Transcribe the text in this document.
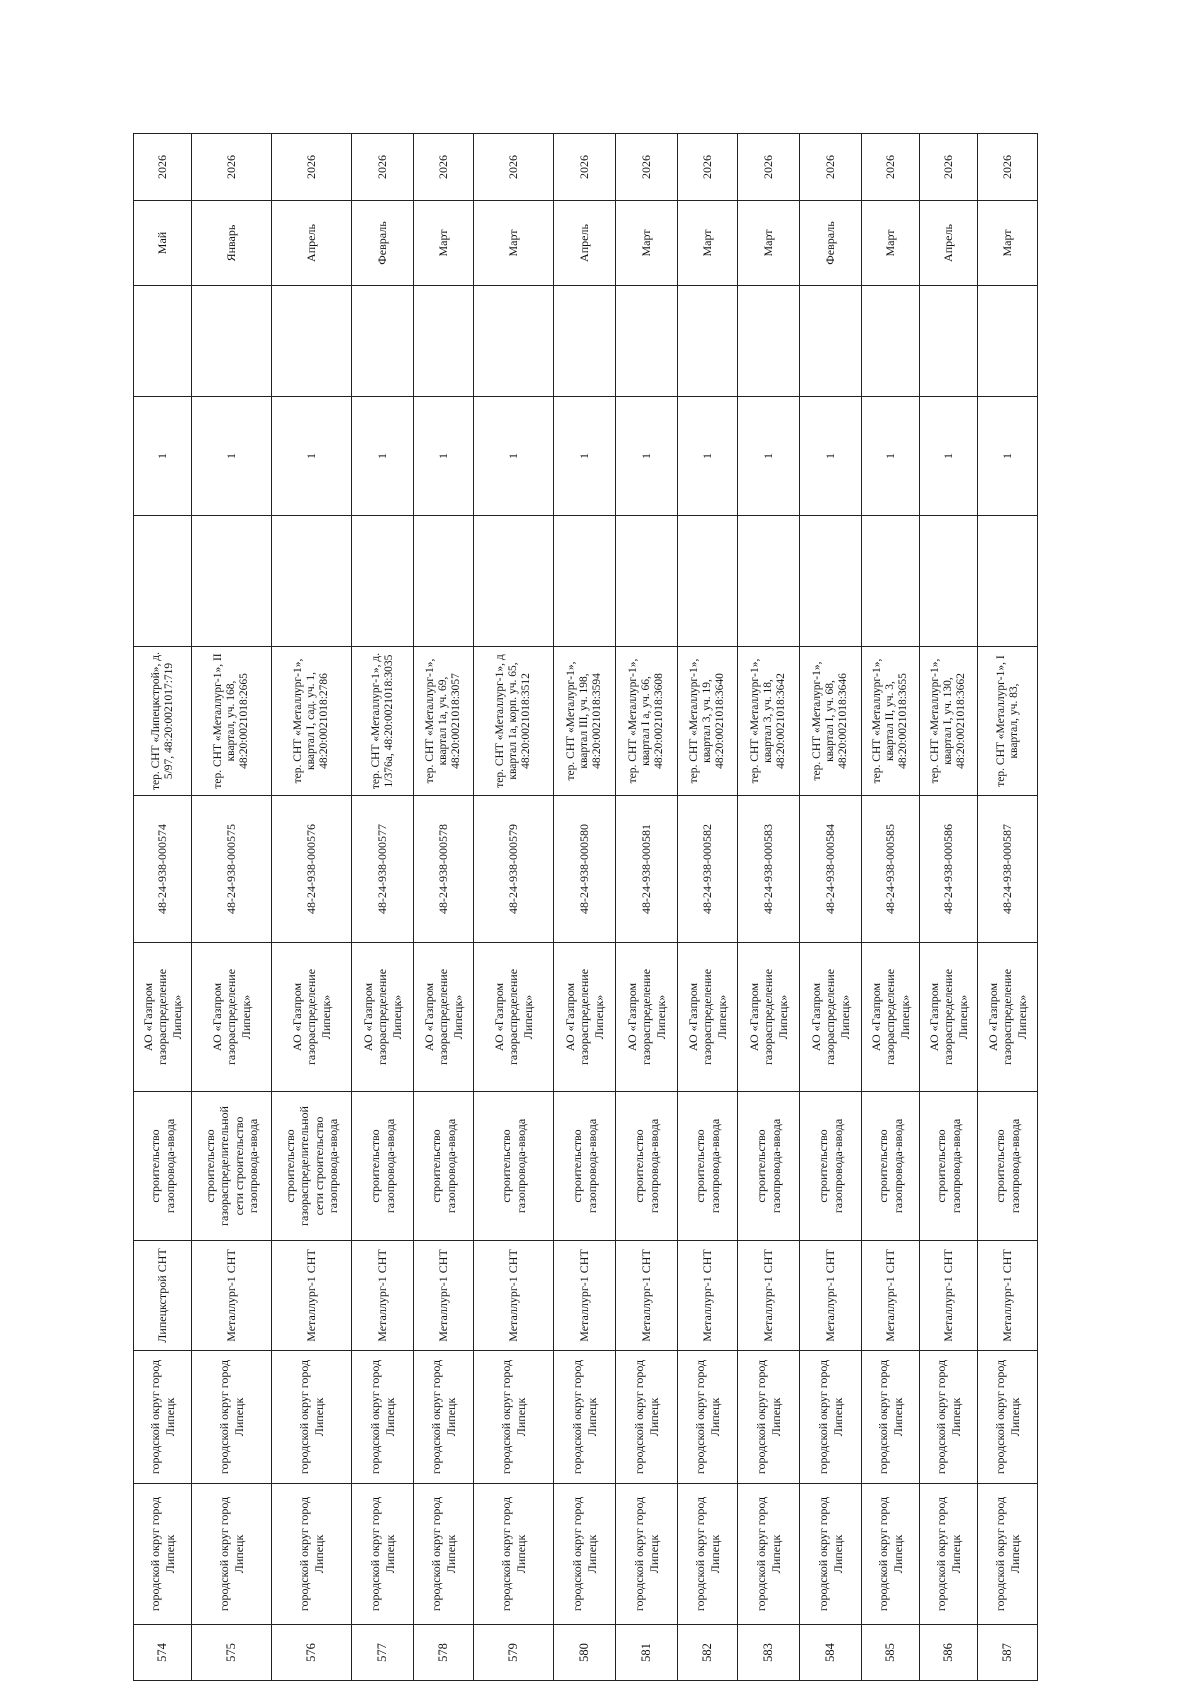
574	городской округ город Липецк	городской округ город Липецк	Липецкстрой СНТ	строительство газопровода-ввода	АО «Газпром газораспределение Липецк»	48-24-938-000574	тер. СНТ «Липецкстрой», д. 5/97, 48:20:0021017:719		1		Май	2026
575	городской округ город Липецк	городской округ город Липецк	Металлург-1 СНТ	строительство газораспределительной сети строительство газопровода-ввода	АО «Газпром газораспределение Липецк»	48-24-938-000575	тер. СНТ «Металлург-1», II квартал, уч. 168, 48:20:0021018:2665		1		Январь	2026
576	городской округ город Липецк	городской округ город Липецк	Металлург-1 СНТ	строительство газораспределительной сети строительство газопровода-ввода	АО «Газпром газораспределение Липецк»	48-24-938-000576	тер. СНТ «Металлург-1», квартал I, сад. уч. 1, 48:20:0021018:2786		1		Апрель	2026
577	городской округ город Липецк	городской округ город Липецк	Металлург-1 СНТ	строительство газопровода-ввода	АО «Газпром газораспределение Липецк»	48-24-938-000577	тер. СНТ «Металлург-1», д. 1/376а, 48:20:0021018:3035		1		Февраль	2026
578	городской округ город Липецк	городской округ город Липецк	Металлург-1 СНТ	строительство газопровода-ввода	АО «Газпром газораспределение Липецк»	48-24-938-000578	тер. СНТ «Металлург-1», квартал 1а, уч. 69, 48:20:0021018:3057		1		Март	2026
579	городской округ город Липецк	городской округ город Липецк	Металлург-1 СНТ	строительство газопровода-ввода	АО «Газпром газораспределение Липецк»	48-24-938-000579	тер. СНТ «Металлург-1», д квартал 1а, корп. уч. 65, 48:20:0021018:3512		1		Март	2026
580	городской округ город Липецк	городской округ город Липецк	Металлург-1 СНТ	строительство газопровода-ввода	АО «Газпром газораспределение Липецк»	48-24-938-000580	тер. СНТ «Металург-1», квартал III, уч. 198, 48:20:0021018:3594		1		Апрель	2026
581	городской округ город Липецк	городской округ город Липецк	Металлург-1 СНТ	строительство газопровода-ввода	АО «Газпром газораспределение Липецк»	48-24-938-000581	тер. СНТ «Металлург-1», квартал I а, уч. 66, 48:20:0021018:3608		1		Март	2026
582	городской округ город Липецк	городской округ город Липецк	Металлург-1 СНТ	строительство газопровода-ввода	АО «Газпром газораспределение Липецк»	48-24-938-000582	тер. СНТ «Металлург-1», квартал 3, уч. 19, 48:20:0021018:3640		1		Март	2026
583	городской округ город Липецк	городской округ город Липецк	Металлург-1 СНТ	строительство газопровода-ввода	АО «Газпром газораспределение Липецк»	48-24-938-000583	тер. СНТ «Металлург-1», квартал 3, уч. 18, 48:20:0021018:3642		1		Март	2026
584	городской округ город Липецк	городской округ город Липецк	Металлург-1 СНТ	строительство газопровода-ввода	АО «Газпром газораспределение Липецк»	48-24-938-000584	тер. СНТ «Металург-1», квартал I, уч. 68, 48:20:0021018:3646		1		Февраль	2026
585	городской округ город Липецк	городской округ город Липецк	Металлург-1 СНТ	строительство газопровода-ввода	АО «Газпром газораспределение Липецк»	48-24-938-000585	тер. СНТ «Металлург-1», квартал II, уч. 3, 48:20:0021018:3655		1		Март	2026
586	городской округ город Липецк	городской округ город Липецк	Металлург-1 СНТ	строительство газопровода-ввода	АО «Газпром газораспределение Липецк»	48-24-938-000586	тер. СНТ «Металлург-1», квартал I, уч. 130, 48:20:0021018:3662		1		Апрель	2026
587	городской округ город Липецк	городской округ город Липецк	Металлург-1 СНТ	строительство газопровода-ввода	АО «Газпром газораспределение Липецк»	48-24-938-000587	тер. СНТ «Металлург-1», I квартал, уч. 83,		1		Март	2026
